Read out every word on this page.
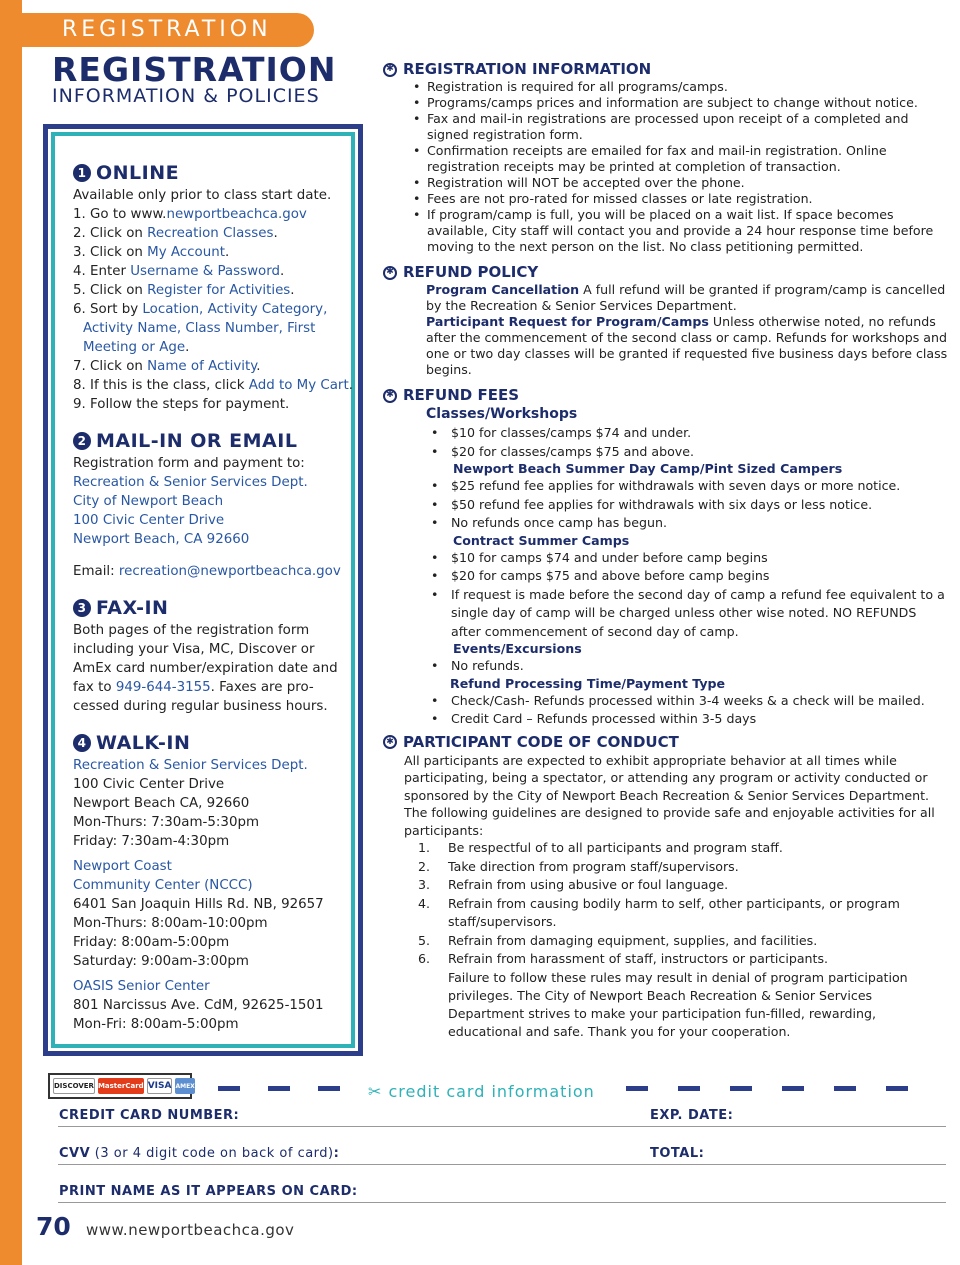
REGISTRATION
REGISTRATION
INFORMATION & POLICIES
1 ONLINE
Available only prior to class start date.
1. Go to www.newportbeachca.gov
2. Click on Recreation Classes.
3. Click on My Account.
4. Enter Username & Password.
5. Click on Register for Activities.
6. Sort by Location, Activity Category,
Activity Name, Class Number, First
Meeting or Age.
7. Click on Name of Activity.
8. If this is the class, click Add to My Cart.
9. Follow the steps for payment.
2 MAIL-IN OR EMAIL
Registration form and payment to:
Recreation & Senior Services Dept.
City of Newport Beach
100 Civic Center Drive
Newport Beach, CA 92660
Email: recreation@newportbeachca.gov
3 FAX-IN
Both pages of the registration form
including your Visa, MC, Discover or
AmEx card number/expiration date and
fax to 949-644-3155. Faxes are pro-
cessed during regular business hours.
4 WALK-IN
Recreation & Senior Services Dept.
100 Civic Center Drive
Newport Beach CA, 92660
Mon-Thurs: 7:30am-5:30pm
Friday: 7:30am-4:30pm
Newport Coast
Community Center (NCCC)
6401 San Joaquin Hills Rd. NB, 92657
Mon-Thurs: 8:00am-10:00pm
Friday: 8:00am-5:00pm
Saturday: 9:00am-3:00pm
OASIS Senior Center
801 Narcissus Ave. CdM, 92625-1501
Mon-Fri: 8:00am-5:00pm
✱ REGISTRATION INFORMATION
• Registration is required for all programs/camps.
• Programs/camps prices and information are subject to change without notice.
• Fax and mail-in registrations are processed upon receipt of a completed and signed registration form.
• Confirmation receipts are emailed for fax and mail-in registration. Online registration receipts may be printed at completion of transaction.
• Registration will NOT be accepted over the phone.
• Fees are not pro-rated for missed classes or late registration.
• If program/camp is full, you will be placed on a wait list. If space becomes available, City staff will contact you and provide a 24 hour response time before moving to the next person on the list. No class petitioning permitted.
✱ REFUND POLICY
Program Cancellation A full refund will be granted if program/camp is cancelled by the Recreation & Senior Services Department.
Participant Request for Program/Camps Unless otherwise noted, no refunds after the commencement of the second class or camp. Refunds for workshops and one or two day classes will be granted if requested five business days before class begins.
✱ REFUND FEES
Classes/Workshops
• $10 for classes/camps $74 and under.
• $20 for classes/camps $75 and above.
Newport Beach Summer Day Camp/Pint Sized Campers
• $25 refund fee applies for withdrawals with seven days or more notice.
• $50 refund fee applies for withdrawals with six days or less notice.
• No refunds once camp has begun.
Contract Summer Camps
• $10 for camps $74 and under before camp begins
• $20 for camps $75 and above before camp begins
• If request is made before the second day of camp a refund fee equivalent to a single day of camp will be charged unless other wise noted. NO REFUNDS after commencement of second day of camp.
Events/Excursions
• No refunds.
Refund Processing Time/Payment Type
• Check/Cash- Refunds processed within 3-4 weeks & a check will be mailed.
• Credit Card – Refunds processed within 3-5 days
✱ PARTICIPANT CODE OF CONDUCT
All participants are expected to exhibit appropriate behavior at all times while participating, being a spectator, or attending any program or activity conducted or sponsored by the City of Newport Beach Recreation & Senior Services Department. The following guidelines are designed to provide safe and enjoyable activities for all participants:
1.	Be respectful of to all participants and program staff.
2.	Take direction from program staff/supervisors.
3.	Refrain from using abusive or foul language.
4.	Refrain from causing bodily harm to self, other participants, or program staff/supervisors.
5.	Refrain from damaging equipment, supplies, and facilities.
6.	Refrain from harassment of staff, instructors or participants.
Failure to follow these rules may result in denial of program participation privileges. The City of Newport Beach Recreation & Senior Services Department strives to make your participation fun-filled, rewarding, educational and safe. Thank you for your cooperation.
DISCOVER MasterCard VISA AMEX	✂ credit card information
CREDIT CARD NUMBER:	EXP. DATE:
CVV (3 or 4 digit code on back of card):	TOTAL:
PRINT NAME AS IT APPEARS ON CARD:
70 www.newportbeachca.gov
